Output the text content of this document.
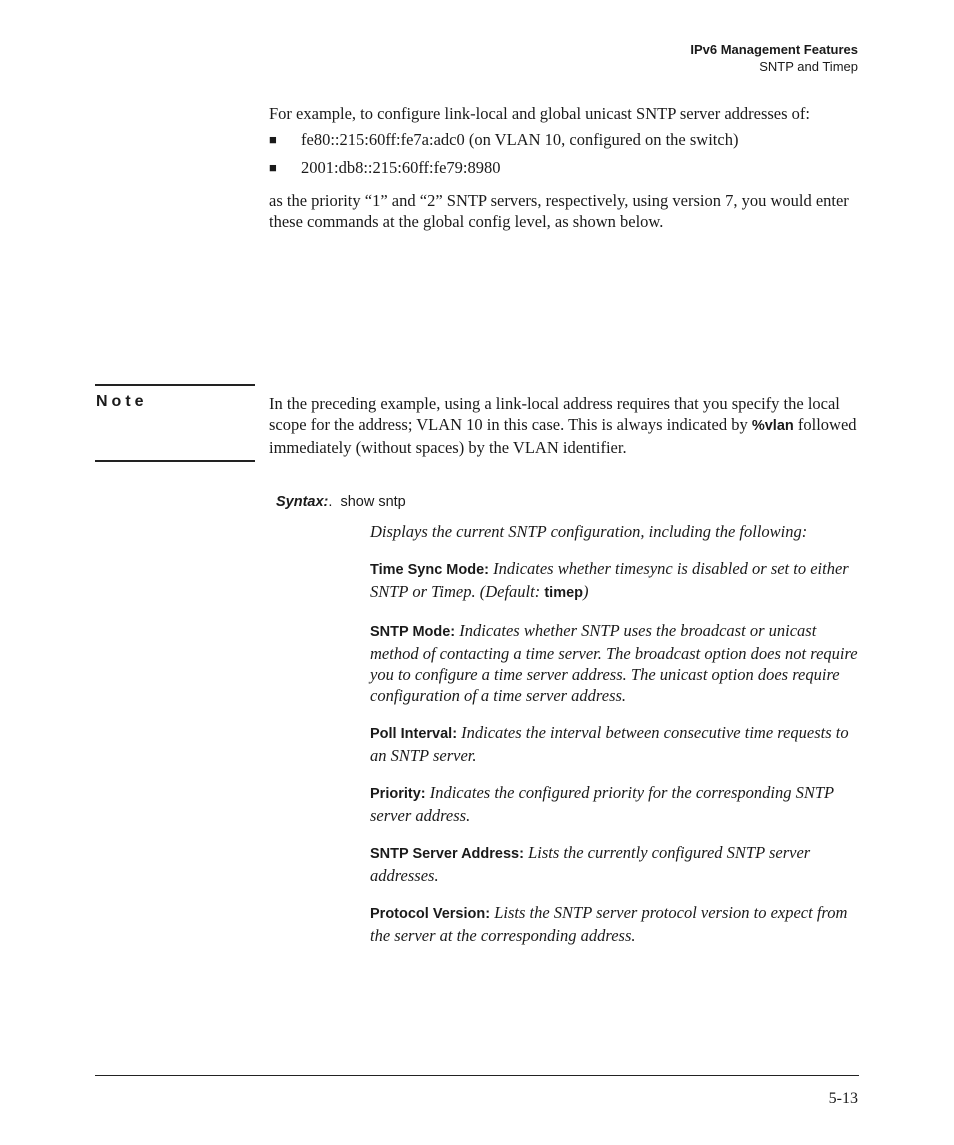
IPv6 Management Features
SNTP and Timep
For example, to configure link-local and global unicast SNTP server addresses of:
■	fe80::215:60ff:fe7a:adc0 (on VLAN 10, configured on the switch)
■	2001:db8::215:60ff:fe79:8980
as the priority “1” and “2” SNTP servers, respectively, using version 7, you would enter these commands at the global config level, as shown below.
Note	In the preceding example, using a link-local address requires that you specify the local scope for the address; VLAN 10 in this case. This is always indicated by %vlan followed immediately (without spaces) by the VLAN identifier.
Syntax:. show sntp

Displays the current SNTP configuration, including the following:

Time Sync Mode: Indicates whether timesync is disabled or set to either SNTP or Timep. (Default: timep)

SNTP Mode: Indicates whether SNTP uses the broadcast or unicast method of contacting a time server. The broadcast option does not require you to configure a time server address. The unicast option does require configuration of a time server address.

Poll Interval: Indicates the interval between consecutive time requests to an SNTP server.

Priority: Indicates the configured priority for the corresponding SNTP server address.

SNTP Server Address: Lists the currently configured SNTP server addresses.

Protocol Version: Lists the SNTP server protocol version to expect from the server at the corresponding address.

5-13
